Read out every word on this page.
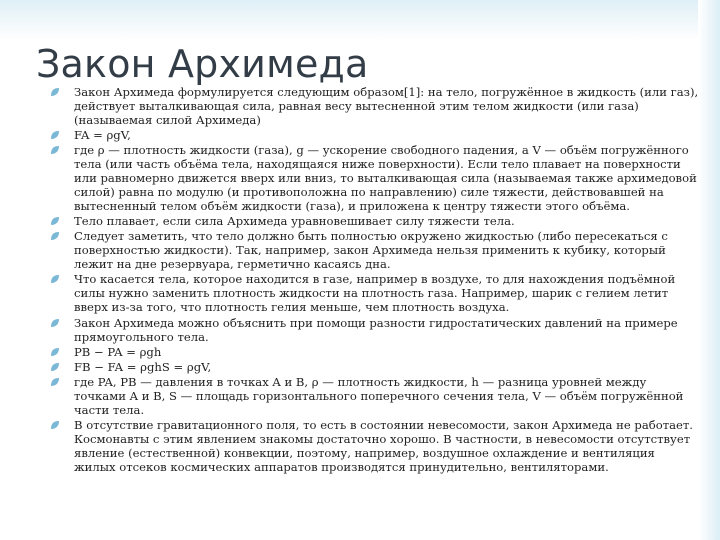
Закон Архимеда
Закон Архимеда формулируется следующим образом[1]: на тело, погружённое в жидкость (или газ), действует выталкивающая сила, равная весу вытесненной этим телом жидкости (или газа)(называемая силой Архимеда)
FA = ρgV,
где ρ — плотность жидкости (газа), g — ускорение свободного падения, а V — объём погружённого тела (или часть объёма тела, находящаяся ниже поверхности). Если тело плавает на поверхности или равномерно движется вверх или вниз, то выталкивающая сила (называемая также архимедовой силой) равна по модулю (и противоположна по направлению) силе тяжести, действовавшей на вытесненный телом объём жидкости (газа), и приложена к центру тяжести этого объёма.
Тело плавает, если сила Архимеда уравновешивает силу тяжести тела.
Следует заметить, что тело должно быть полностью окружено жидкостью (либо пересекаться с поверхностью жидкости). Так, например, закон Архимеда нельзя применить к кубику, который лежит на дне резервуара, герметично касаясь дна.
Что касается тела, которое находится в газе, например в воздухе, то для нахождения подъёмной силы нужно заменить плотность жидкости на плотность газа. Например, шарик с гелием летит вверх из-за того, что плотность гелия меньше, чем плотность воздуха.
Закон Архимеда можно объяснить при помощи разности гидростатических давлений на примере прямоугольного тела.
PB − PA = ρgh
FB − FA = ρghS = ρgV,
где PA, PB — давления в точках A и B, ρ — плотность жидкости, h — разница уровней между точками A и B, S — площадь горизонтального поперечного сечения тела, V — объём погружённой части тела.
В отсутствие гравитационного поля, то есть в состоянии невесомости, закон Архимеда не работает. Космонавты с этим явлением знакомы достаточно хорошо. В частности, в невесомости отсутствует явление (естественной) конвекции, поэтому, например, воздушное охлаждение и вентиляция жилых отсеков космических аппаратов производятся принудительно, вентиляторами.
